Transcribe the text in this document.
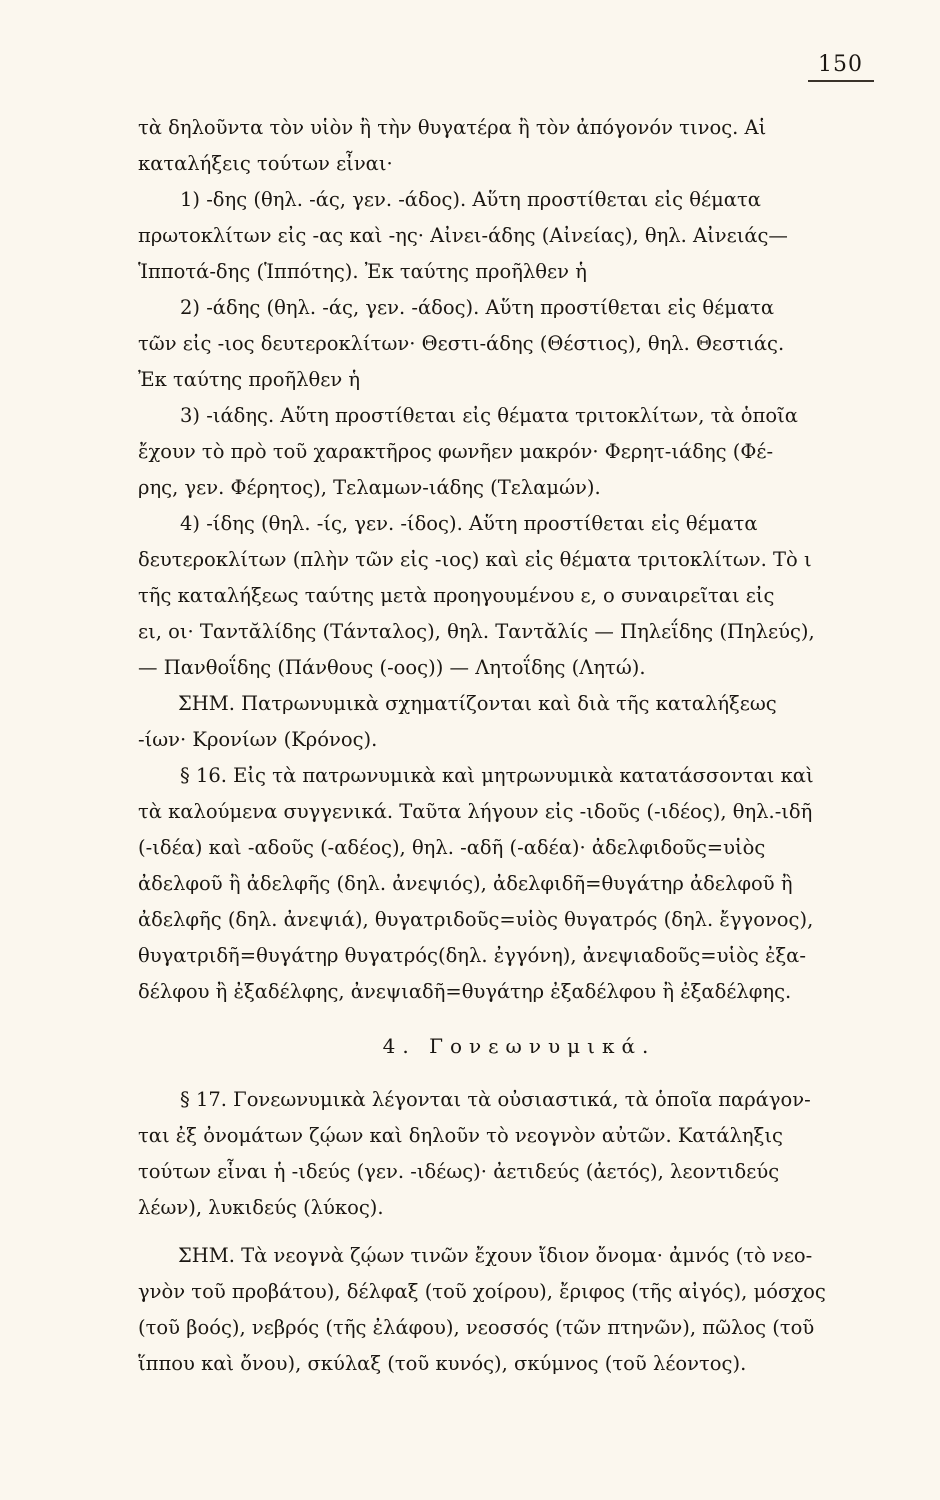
150
τὰ δηλοῦντα τὸν υἱὸν ἢ τὴν θυγατέρα ἢ τὸν ἀπόγονόν τινος. Αἱ
καταλήξεις τούτων εἶναι·
1) -δης (θηλ. -άς, γεν. -άδος). Αὕτη προστίθεται εἰς θέματα
πρωτοκλίτων εἰς -ας καὶ -ης· Αἰνει-άδης (Αἰνείας), θηλ. Αἰνειάς—
Ἱπποτά-δης (Ἱππότης). Ἐκ ταύτης προῆλθεν ἡ
2) -άδης (θηλ. -άς, γεν. -άδος). Αὕτη προστίθεται εἰς θέματα
τῶν εἰς -ιος δευτεροκλίτων· Θεστι-άδης (Θέστιος), θηλ. Θεστιάς.
Ἐκ ταύτης προῆλθεν ἡ
3) -ιάδης. Αὕτη προστίθεται εἰς θέματα τριτοκλίτων, τὰ ὁποῖα
ἔχουν τὸ πρὸ τοῦ χαρακτῆρος φωνῆεν μακρόν· Φερητ-ιάδης (Φέ-
ρης, γεν. Φέρητος), Τελαμων-ιάδης (Τελαμών).
4) -ίδης (θηλ. -ίς, γεν. -ίδος). Αὕτη προστίθεται εἰς θέματα
δευτεροκλίτων (πλὴν τῶν εἰς -ιος) καὶ εἰς θέματα τριτοκλίτων. Τὸ ι
τῆς καταλήξεως ταύτης μετὰ προηγουμένου ε, ο συναιρεῖται εἰς
ει, οι· Ταντᾰλίδης (Τάνταλος), θηλ. Ταντᾰλίς — Πηλεΐδης (Πηλεύς),
— Πανθοΐδης (Πάνθους (-οος)) — Λητοΐδης (Λητώ).
ΣΗΜ. Πατρωνυμικὰ σχηματίζονται καὶ διὰ τῆς καταλήξεως
-ίων· Κρονίων (Κρόνος).
§ 16. Εἰς τὰ πατρωνυμικὰ καὶ μητρωνυμικὰ κατατάσσονται καὶ
τὰ καλούμενα συγγενικά. Ταῦτα λήγουν εἰς -ιδοῦς (-ιδέος), θηλ.-ιδῆ
(-ιδέα) καὶ -αδοῦς (-αδέος), θηλ. -αδῆ (-αδέα)· ἀδελφιδοῦς=υἱὸς
ἀδελφοῦ ἢ ἀδελφῆς (δηλ. ἀνεψιός), ἀδελφιδῆ=θυγάτηρ ἀδελφοῦ ἢ
ἀδελφῆς (δηλ. ἀνεψιά), θυγατριδοῦς=υἱὸς θυγατρός (δηλ. ἔγγονος),
θυγατριδῆ=θυγάτηρ θυγατρός(δηλ. ἐγγόνη), ἀνεψιαδοῦς=υἱὸς ἐξα-
δέλφου ἢ ἐξαδέλφης, ἀνεψιαδῆ=θυγάτηρ ἐξαδέλφου ἢ ἐξαδέλφης.
4. Γονεωνυμικά.
§ 17. Γονεωνυμικὰ λέγονται τὰ οὐσιαστικά, τὰ ὁποῖα παράγον-
ται ἐξ ὀνομάτων ζῴων καὶ δηλοῦν τὸ νεογνὸν αὐτῶν. Κατάληξις
τούτων εἶναι ἡ -ιδεύς (γεν. -ιδέως)· ἀετιδεύς (ἀετός), λεοντιδεύς
λέων), λυκιδεύς (λύκος).
ΣΗΜ. Τὰ νεογνὰ ζῴων τινῶν ἔχουν ἴδιον ὄνομα· ἀμνός (τὸ νεο-
γνὸν τοῦ προβάτου), δέλφαξ (τοῦ χοίρου), ἔριφος (τῆς αἰγός), μόσχος
(τοῦ βοός), νεβρός (τῆς ἐλάφου), νεοσσός (τῶν πτηνῶν), πῶλος (τοῦ
ἵππου καὶ ὄνου), σκύλαξ (τοῦ κυνός), σκύμνος (τοῦ λέοντος).
